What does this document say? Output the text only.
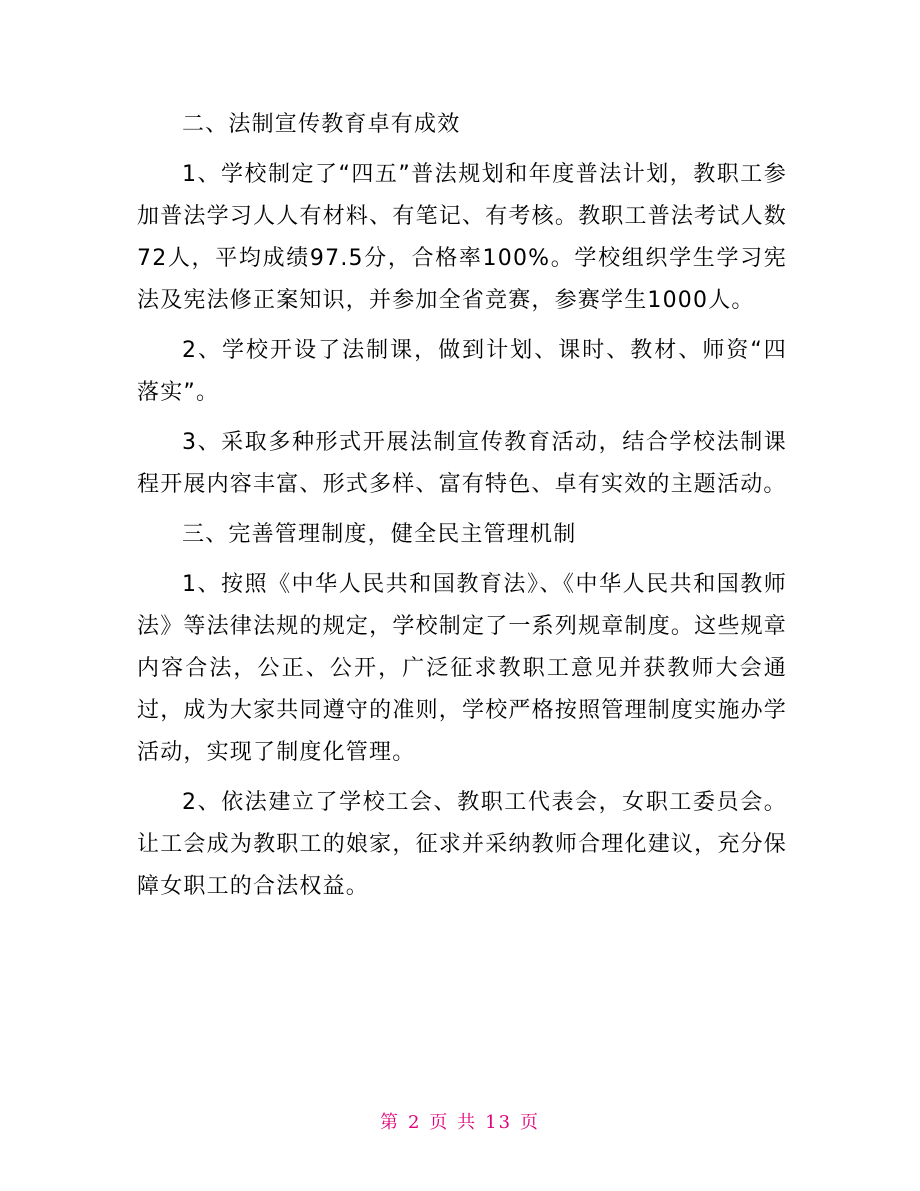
二、法制宣传教育卓有成效

1、学校制定了“四五”普法规划和年度普法计划，教职工参加普法学习人人有材料、有笔记、有考核。教职工普法考试人数72人，平均成绩97.5分，合格率100%。学校组织学生学习宪法及宪法修正案知识，并参加全省竞赛，参赛学生1000人。

2、学校开设了法制课，做到计划、课时、教材、师资“四落实”。

3、采取多种形式开展法制宣传教育活动，结合学校法制课程开展内容丰富、形式多样、富有特色、卓有实效的主题活动。

三、完善管理制度，健全民主管理机制

1、按照《中华人民共和国教育法》、《中华人民共和国教师法》等法律法规的规定，学校制定了一系列规章制度。这些规章内容合法，公正、公开，广泛征求教职工意见并获教师大会通过，成为大家共同遵守的准则，学校严格按照管理制度实施办学活动，实现了制度化管理。

2、依法建立了学校工会、教职工代表会，女职工委员会。让工会成为教职工的娘家，征求并采纳教师合理化建议，充分保障女职工的合法权益。

第 2 页 共 13 页
